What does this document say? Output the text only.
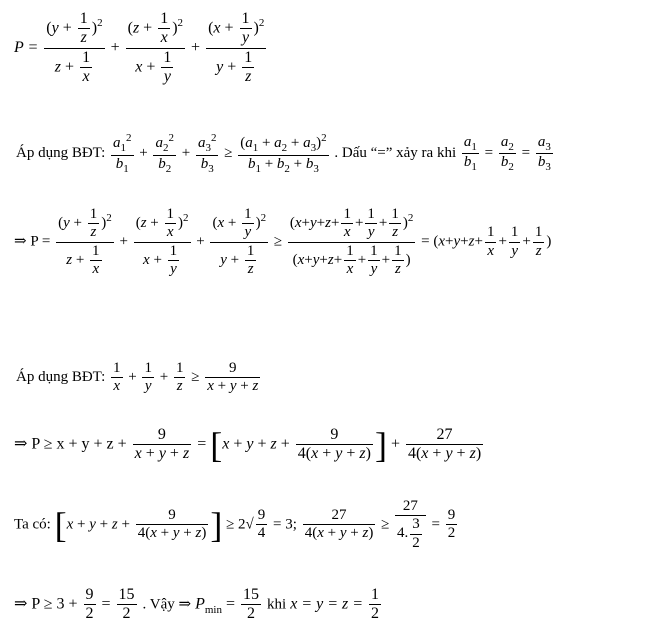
$P = \frac{(y + \frac{1}{z} )^2}{z + \frac{1}{x}} + \frac{(z + \frac{1}{x} )^2}{x + \frac{1}{y}} + \frac{(x + \frac{1}{y} )^2}{y + \frac{1}{z}}$
Áp dụng BĐT: $\frac{a_1^2}{b_1} + \frac{a_2^2}{b_2} + \frac{a_3^2}{b_3} \ge \frac{(a_1 + a_2 + a_3)^2}{b_1 + b_2 + b_3}$ . Dấu “=” xảy ra khi $\frac{a_1}{b_1} = \frac{a_2}{b_2} = \frac{a_3}{b_3}$
⇒ $P = \frac{(y + \frac{1}{z} )^2}{z + \frac{1}{x}} + \frac{(z + \frac{1}{x} )^2}{x + \frac{1}{y}} + \frac{(x + \frac{1}{y} )^2}{y + \frac{1}{z}} \ge \frac{(x+y+z+ \frac{1}{x} + \frac{1}{y} + \frac{1}{z} )^2}{(x+y+z+ \frac{1}{x} + \frac{1}{y} + \frac{1}{z} )} = (x+y+z+ \frac{1}{x} + \frac{1}{y} + \frac{1}{z}$ )
Áp dụng BĐT: $\frac{1}{x} + \frac{1}{y} + \frac{1}{z} \ge \frac{9}{x + y + z}$
⇒ $P \ge x + y + z + \frac{9}{x + y + z} = [x + y + z + \frac{9}{4(x + y + z)}$ ] + $\frac{27}{4(x + y + z)}$
Ta có: [$x + y + z + \frac{9}{4(x + y + z)}$ ] ≥ $2√ \frac{9}{4} = 3$; $\frac{27}{4(x + y + z)} \ge \frac{27}{4. \frac{3}{2}} = \frac{9}{2}$
⇒ $P \ge 3 + \frac{9}{2} = \frac{15}{2}$ . Vậy ⇒ $P_{min} = \frac{15}{2}$ khi $x = y = z = \frac{1}{2}$
